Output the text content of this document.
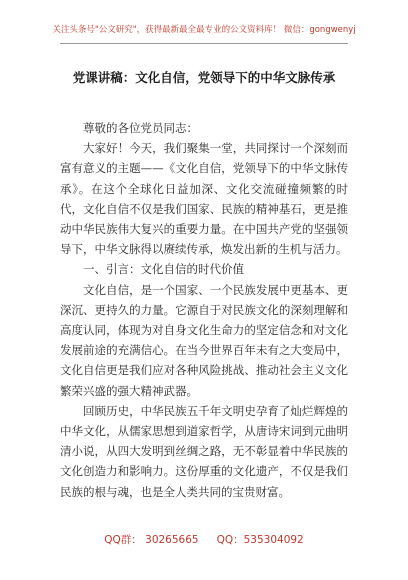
关注头条号"公文研究"，获得最新最全最专业的公文资料库！ 微信：gongwenyj
党课讲稿：文化自信，党领导下的中华文脉传承

尊敬的各位党员同志：

大家好！今天，我们聚集一堂，共同探讨一个深刻而富有意义的主题——《文化自信，党领导下的中华文脉传承》。在这个全球化日益加深、文化交流碰撞频繁的时代，文化自信不仅是我们国家、民族的精神基石，更是推动中华民族伟大复兴的重要力量。在中国共产党的坚强领导下，中华文脉得以赓续传承，焕发出新的生机与活力。

一、引言：文化自信的时代价值

文化自信，是一个国家、一个民族发展中更基本、更深沉、更持久的力量。它源自于对民族文化的深刻理解和高度认同，体现为对自身文化生命力的坚定信念和对文化发展前途的充满信心。在当今世界百年未有之大变局中，文化自信更是我们应对各种风险挑战、推动社会主义文化繁荣兴盛的强大精神武器。

回顾历史，中华民族五千年文明史孕育了灿烂辉煌的中华文化，从儒家思想到道家哲学，从唐诗宋词到元曲明清小说，从四大发明到丝绸之路，无不彰显着中华民族的文化创造力和影响力。这份厚重的文化遗产，不仅是我们民族的根与魂，也是全人类共同的宝贵财富。

QQ群： 30265665 QQ：535304092
